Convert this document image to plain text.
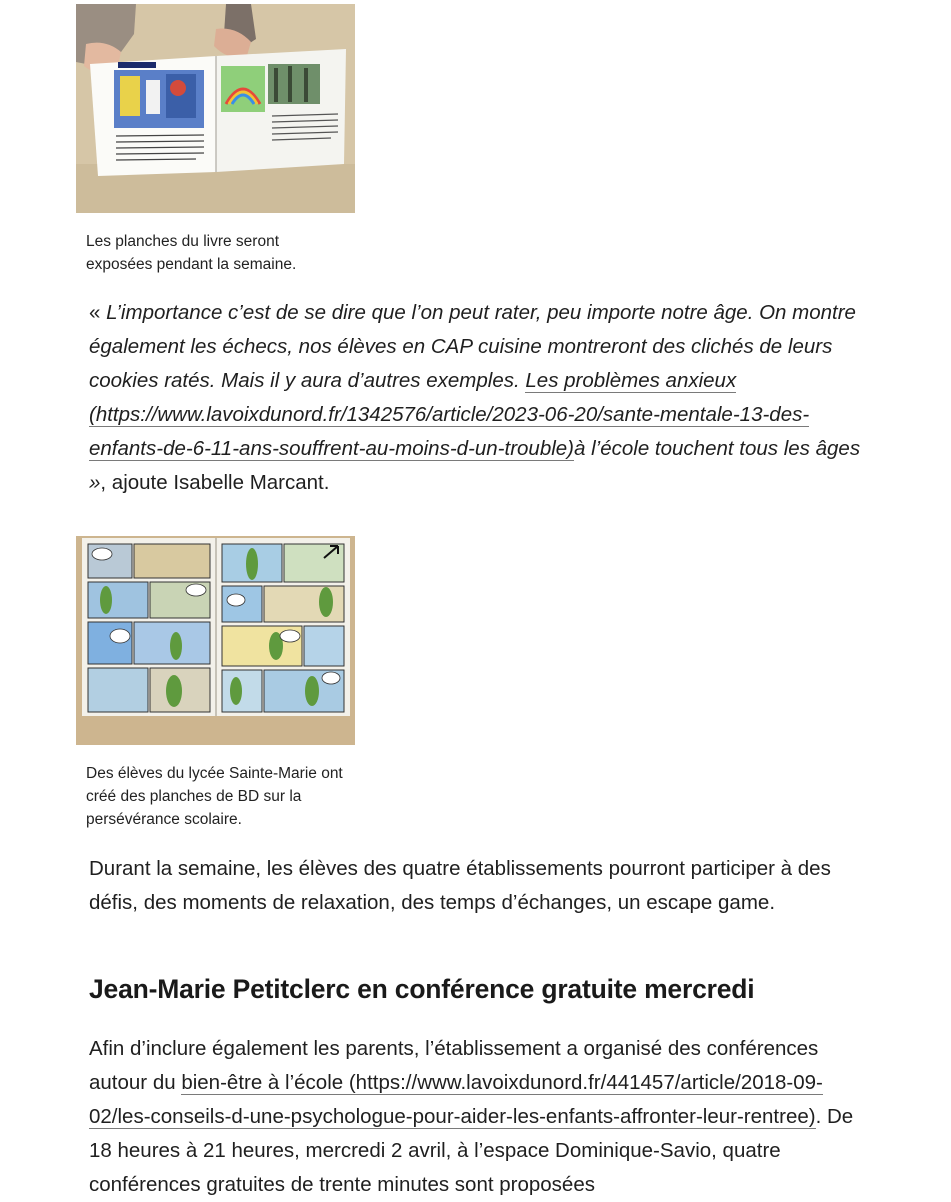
Les planches du livre seront exposées pendant la semaine.

« L’importance c’est de se dire que l’on peut rater, peu importe notre âge. On montre également les échecs, nos élèves en CAP cuisine montreront des clichés de leurs cookies ratés. Mais il y aura d’autres exemples. Les problèmes anxieux (https://www.lavoixdunord.fr/1342576/article/2023-06-20/sante-mentale-13-des-enfants-de-6-11-ans-souffrent-au-moins-d-un-trouble)à l’école touchent tous les âges », ajoute Isabelle Marcant.

Des élèves du lycée Sainte-Marie ont créé des planches de BD sur la persévérance scolaire.

Durant la semaine, les élèves des quatre établissements pourront participer à des défis, des moments de relaxation, des temps d’échanges, un escape game.

Jean-Marie Petitclerc en conférence gratuite mercredi

Afin d’inclure également les parents, l’établissement a organisé des conférences autour du bien-être à l’école (https://www.lavoixdunord.fr/441457/article/2018-09-02/les-conseils-d-une-psychologue-pour-aider-les-enfants-affronter-leur-rentree). De 18 heures à 21 heures, mercredi 2 avril, à l’espace Dominique-Savio, quatre conférences gratuites de trente minutes sont proposées
